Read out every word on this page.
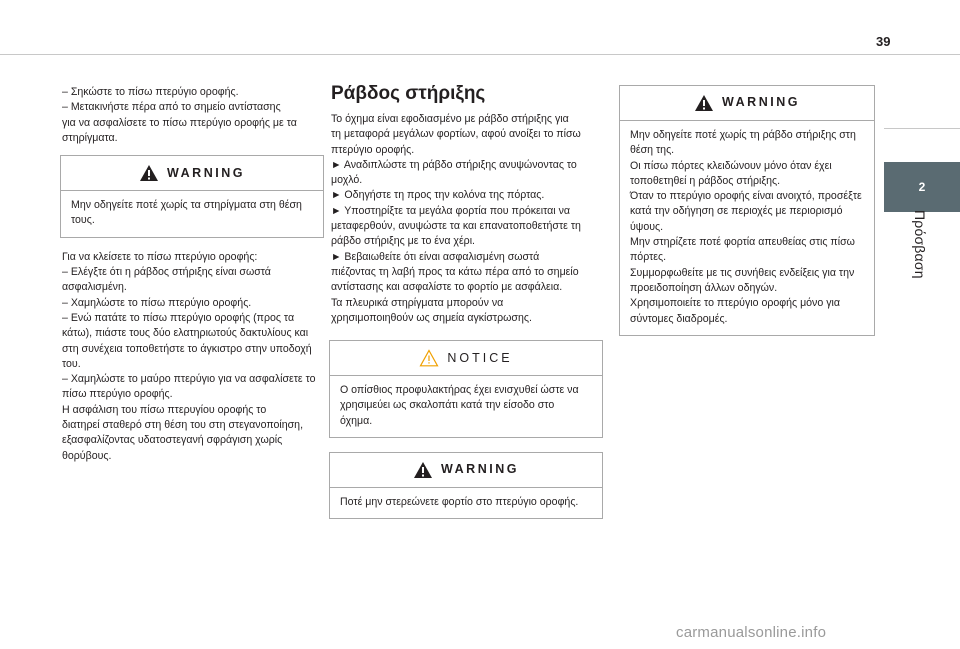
39
2
Πρόσβαση

– Σηκώστε το πίσω πτερύγιο οροφής.

– Μετακινήστε πέρα από το σημείο αντίστασης

για να ασφαλίσετε το πίσω πτερύγιο οροφής με τα

στηρίγματα.

WARNING

Μην οδηγείτε ποτέ χωρίς τα στηρίγματα στη θέση

τους.

Για να κλείσετε το πίσω πτερύγιο οροφής:

– Ελέγξτε ότι η ράβδος στήριξης είναι σωστά

ασφαλισμένη.

– Χαμηλώστε το πίσω πτερύγιο οροφής.

– Ενώ πατάτε το πίσω πτερύγιο οροφής (προς τα

κάτω), πιάστε τους δύο ελατηριωτούς δακτυλίους και

στη συνέχεια τοποθετήστε το άγκιστρο στην υποδοχή

του.

– Χαμηλώστε το μαύρο πτερύγιο για να ασφαλίσετε το

πίσω πτερύγιο οροφής.

Η ασφάλιση του πίσω πτερυγίου οροφής το

διατηρεί σταθερό στη θέση του στη στεγανοποίηση,

εξασφαλίζοντας υδατοστεγανή σφράγιση χωρίς

θορύβους.

Ράβδος στήριξης

Το όχημα είναι εφοδιασμένο με ράβδο στήριξης για

τη μεταφορά μεγάλων φορτίων, αφού ανοίξει το πίσω

πτερύγιο οροφής.

► Αναδιπλώστε τη ράβδο στήριξης ανυψώνοντας το

μοχλό.

► Οδηγήστε τη προς την κολόνα της πόρτας.

► Υποστηρίξτε τα μεγάλα φορτία που πρόκειται να

μεταφερθούν, ανυψώστε τα και επανατοποθετήστε τη

ράβδο στήριξης με το ένα χέρι.

► Βεβαιωθείτε ότι είναι ασφαλισμένη σωστά

πιέζοντας τη λαβή προς τα κάτω πέρα από το σημείο

αντίστασης και ασφαλίστε το φορτίο με ασφάλεια.

Τα πλευρικά στηρίγματα μπορούν να

χρησιμοποιηθούν ως σημεία αγκίστρωσης.

NOTICE

Ο οπίσθιος προφυλακτήρας έχει ενισχυθεί ώστε να

χρησιμεύει ως σκαλοπάτι κατά την είσοδο στο

όχημα.

WARNING

Ποτέ μην στερεώνετε φορτίο στο πτερύγιο οροφής.

WARNING

Μην οδηγείτε ποτέ χωρίς τη ράβδο στήριξης στη

θέση της.

Οι πίσω πόρτες κλειδώνουν μόνο όταν έχει

τοποθετηθεί η ράβδος στήριξης.

Όταν το πτερύγιο οροφής είναι ανοιχτό, προσέξτε

κατά την οδήγηση σε περιοχές με περιορισμό

ύψους.

Μην στηρίζετε ποτέ φορτία απευθείας στις πίσω

πόρτες.

Συμμορφωθείτε με τις συνήθεις ενδείξεις για την

προειδοποίηση άλλων οδηγών.

Χρησιμοποιείτε το πτερύγιο οροφής μόνο για

σύντομες διαδρομές.

carmanualsonline.info
